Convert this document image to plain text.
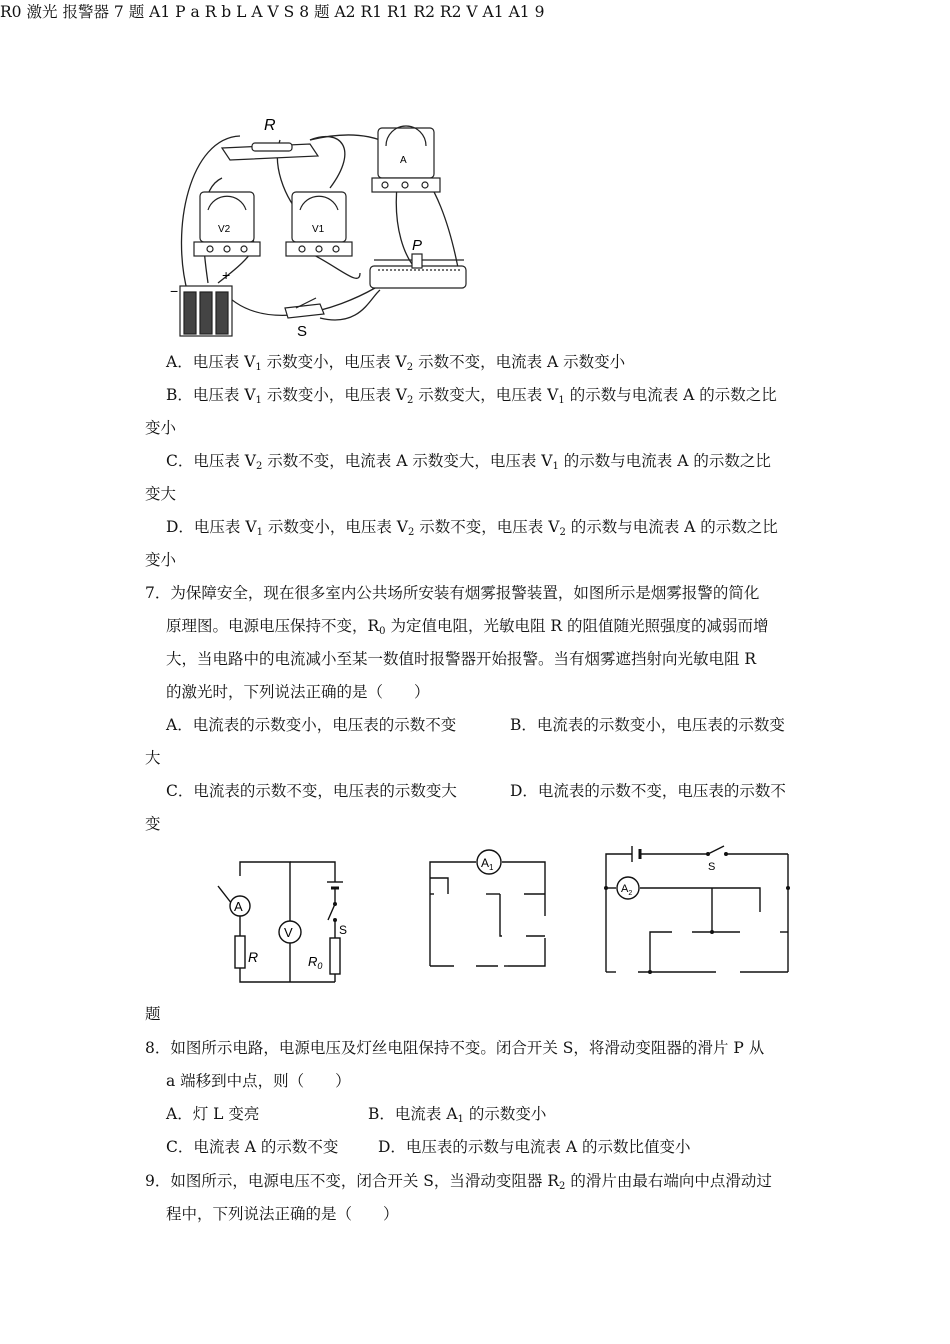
R
A
V2	V1
P
+
−
S
A．电压表 $V_1$ 示数变小，电压表 $V_2$ 示数不变，电流表 A 示数变小
B．电压表 $V_1$ 示数变小，电压表 $V_2$ 示数变大，电压表 $V_1$ 的示数与电流表 A 的示数之比
变小
C．电压表 $V_2$ 示数不变，电流表 A 示数变大，电压表 $V_1$ 的示数与电流表 A 的示数之比
变大
D．电压表 $V_1$ 示数变小，电压表 $V_2$ 示数不变，电压表 $V_2$ 的示数与电流表 A 的示数之比
变小
7．为保障安全，现在很多室内公共场所安装有烟雾报警装置，如图所示是烟雾报警的简化
原理图。电源电压保持不变，$R_0$ 为定值电阻，光敏电阻 R 的阻值随光照强度的减弱而增
大，当电路中的电流减小至某一数值时报警器开始报警。当有烟雾遮挡射向光敏电阻 R
的激光时，下列说法正确的是（　　）
A．电流表的示数变小，电压表的示数不变	B．电流表的示数变小，电压表的示数变
大
C．电流表的示数不变，电压表的示数变大	D．电流表的示数不变，电压表的示数不
变
A
R
V	S
$R_0$
R0 激光 报警器 7 题
$A_1$
A1 P a R b L A V S 8 题
S
$A_2$
A2 R1 R1 R2 R2 V A1 A1 9
题
8．如图所示电路，电源电压及灯丝电阻保持不变。闭合开关 S，将滑动变阻器的滑片 P 从
a 端移到中点，则（　　）
A．灯 L 变亮	B．电流表 $A_1$ 的示数变小
C．电流表 A 的示数不变	D．电压表的示数与电流表 A 的示数比值变小
9．如图所示，电源电压不变，闭合开关 S，当滑动变阻器 $R_2$ 的滑片由最右端向中点滑动过
程中，下列说法正确的是（　　）
